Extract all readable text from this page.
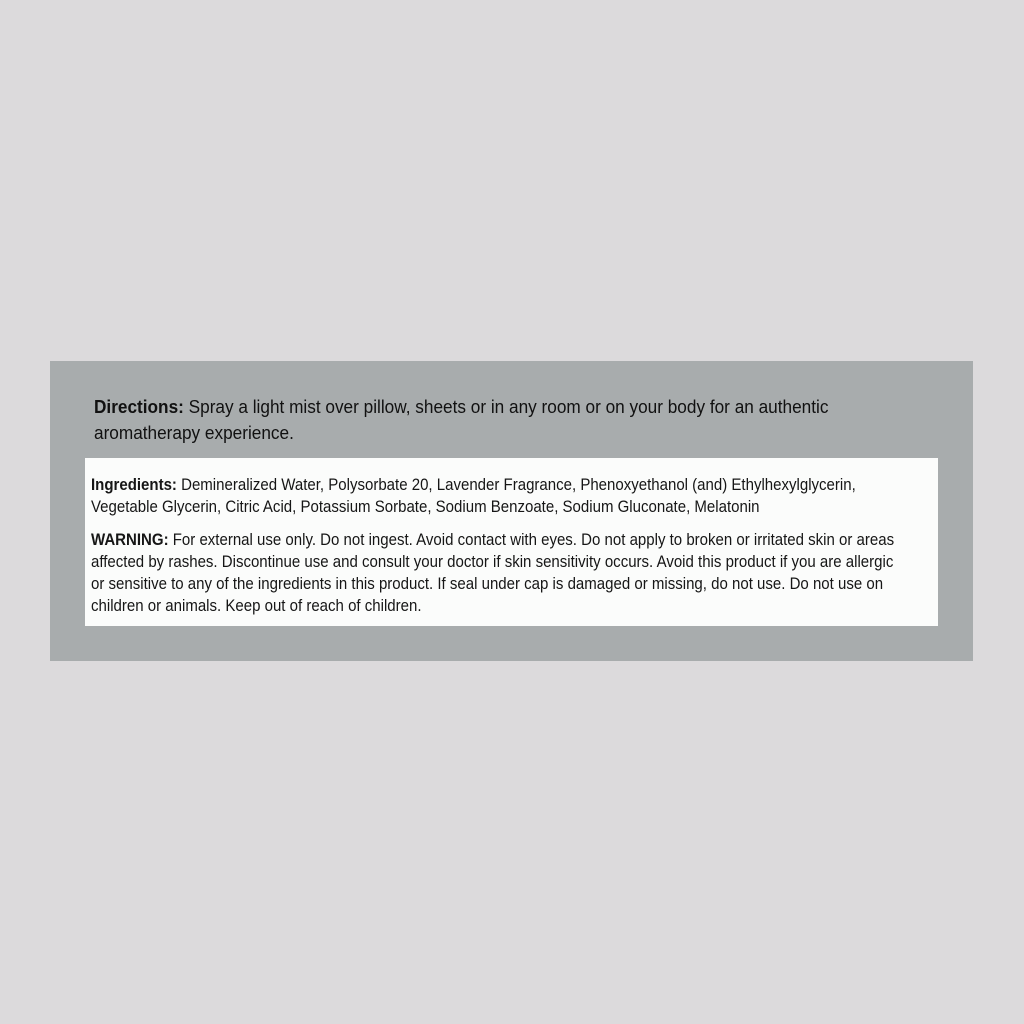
Directions: Spray a light mist over pillow, sheets or in any room or on your body for an authentic aromatherapy experience.
Ingredients: Demineralized Water, Polysorbate 20, Lavender Fragrance, Phenoxyethanol (and) Ethylhexylglycerin, Vegetable Glycerin, Citric Acid, Potassium Sorbate, Sodium Benzoate, Sodium Gluconate, Melatonin
WARNING: For external use only. Do not ingest. Avoid contact with eyes. Do not apply to broken or irritated skin or areas affected by rashes. Discontinue use and consult your doctor if skin sensitivity occurs. Avoid this product if you are allergic or sensitive to any of the ingredients in this product. If seal under cap is damaged or missing, do not use. Do not use on children or animals. Keep out of reach of children.
